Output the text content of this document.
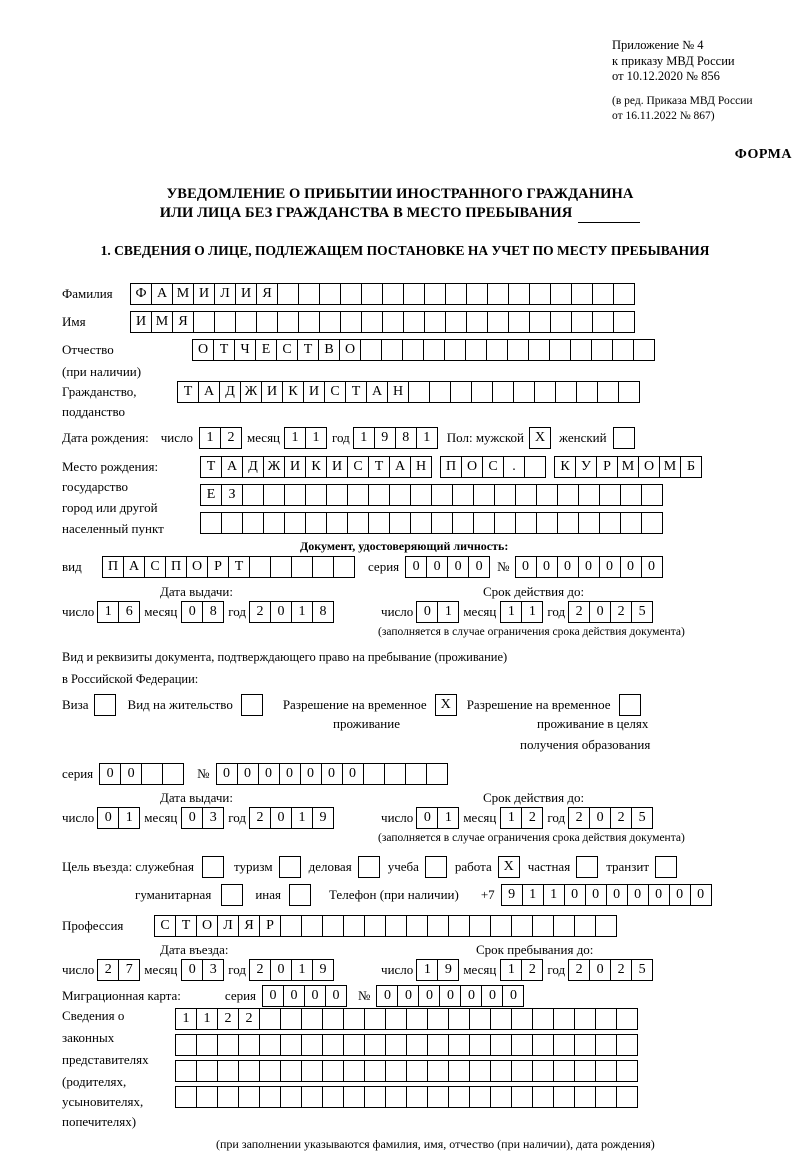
Приложение № 4
к приказу МВД России
от 10.12.2020 № 856
(в ред. Приказа МВД России
от 16.11.2022 № 867)
ФОРМА
УВЕДОМЛЕНИЕ О ПРИБЫТИИ ИНОСТРАННОГО ГРАЖДАНИНА
ИЛИ ЛИЦА БЕЗ ГРАЖДАНСТВА В МЕСТО ПРЕБЫВАНИЯ
1. СВЕДЕНИЯ О ЛИЦЕ, ПОДЛЕЖАЩЕМ ПОСТАНОВКЕ НА УЧЕТ ПО МЕСТУ ПРЕБЫВАНИЯ
Фамилия	Ф А М И Л И Я
Имя	И М Я
Отчество	О Т Ч Е С Т В О
(при наличии)
Гражданство,	Т А Д Ж И К И С Т А Н
подданство
Дата рождения: число 1	2 месяц 1	1 год 1	9	8	1	Пол: мужской X	женский
Место рождения:	Т А Д Ж И К И С Т А Н	П О С	.	К У Р М О М Б
государство
Е З
город или другой
населенный пункт
Документ, удостоверяющий личность:
вид	П А С П О Р Т	серия 0	0	0	0	№ 0	0	0	0	0	0	0
Дата выдачи:	Срок действия до:
число 1	6 месяц 0	8 год 2	0	1	8	число 0	1 месяц 1	1 год 2	0	2	5
(заполняется в случае ограничения срока действия документа)
Вид и реквизиты документа, подтверждающего право на пребывание (проживание)
в Российской Федерации:
Виза	Вид на жительство	Разрешение на временное X	Разрешение на временное
проживание	проживание в целях
получения образования
серия 0	0	№ 0	0	0	0	0	0	0
Дата выдачи:	Срок действия до:
число 0	1 месяц 0	3 год 2	0	1	9	число 0	1 месяц 1	2 год 2	0	2	5
(заполняется в случае ограничения срока действия документа)
Цель въезда: служебная	туризм	деловая	учеба	работа X	частная	транзит
гуманитарная	иная	Телефон (при наличии) +7 9	1	1	0	0	0	0	0	0	0
Профессия	С Т О Л Я Р
Дата въезда:	Срок пребывания до:
число 2	7 месяц 0	3 год 2	0	1	9	число 1	9 месяц 1	2 год 2	0	2	5
Миграционная карта:	серия 0	0	0	0	№ 0	0	0	0	0	0	0
Сведения о
законных
представителях
(родителях,
усыновителях,
попечителях)
1	1	2	2
(при заполнении указываются фамилия, имя, отчество (при наличии), дата рождения)
